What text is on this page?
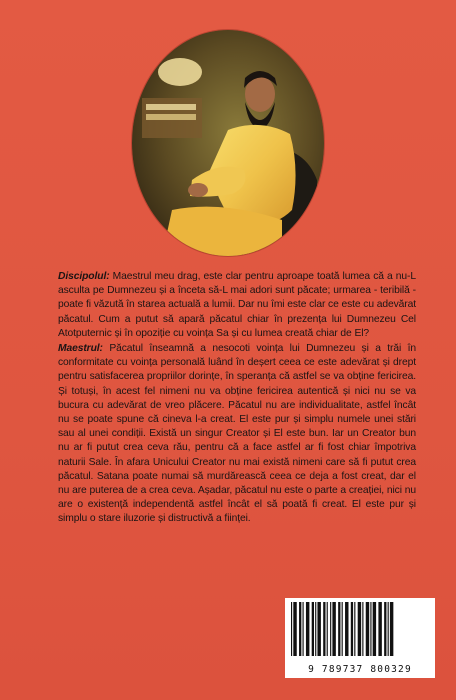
Discipolul: Maestrul meu drag, este clar pentru aproape toată lumea că a nu-L asculta pe Dumnezeu și a înceta să-L mai adori sunt păcate; urmarea - teribilă - poate fi văzută în starea actuală a lumii. Dar nu îmi este clar ce este cu adevărat păcatul. Cum a putut să apară păcatul chiar în prezența lui Dumnezeu Cel Atotputernic și în opoziție cu voința Sa și cu lumea creată chiar de El?

Maestrul: Păcatul înseamnă a nesocoti voința lui Dumnezeu și a trăi în conformitate cu voința personală luând în deșert ceea ce este adevărat și drept pentru satisfacerea propriilor dorințe, în speranța că astfel se va obține fericirea. Și totuși, în acest fel nimeni nu va obține fericirea autentică și nici nu se va bucura cu adevărat de vreo plăcere. Păcatul nu are individualitate, astfel încât nu se poate spune că cineva l-a creat. El este pur și simplu numele unei stări sau al unei condiții. Există un singur Creator și El este bun. Iar un Creator bun nu ar fi putut crea ceva rău, pentru că a face astfel ar fi fost chiar împotriva naturii Sale. În afara Unicului Creator nu mai există nimeni care să fi putut crea păcatul. Satana poate numai să murdărească ceea ce deja a fost creat, dar el nu are puterea de a crea ceva. Așadar, păcatul nu este o parte a creației, nici nu are o existență independentă astfel încât el să poată fi creat. El este pur și simplu o stare iluzorie și distructivă a ființei.

9 789737 800329
